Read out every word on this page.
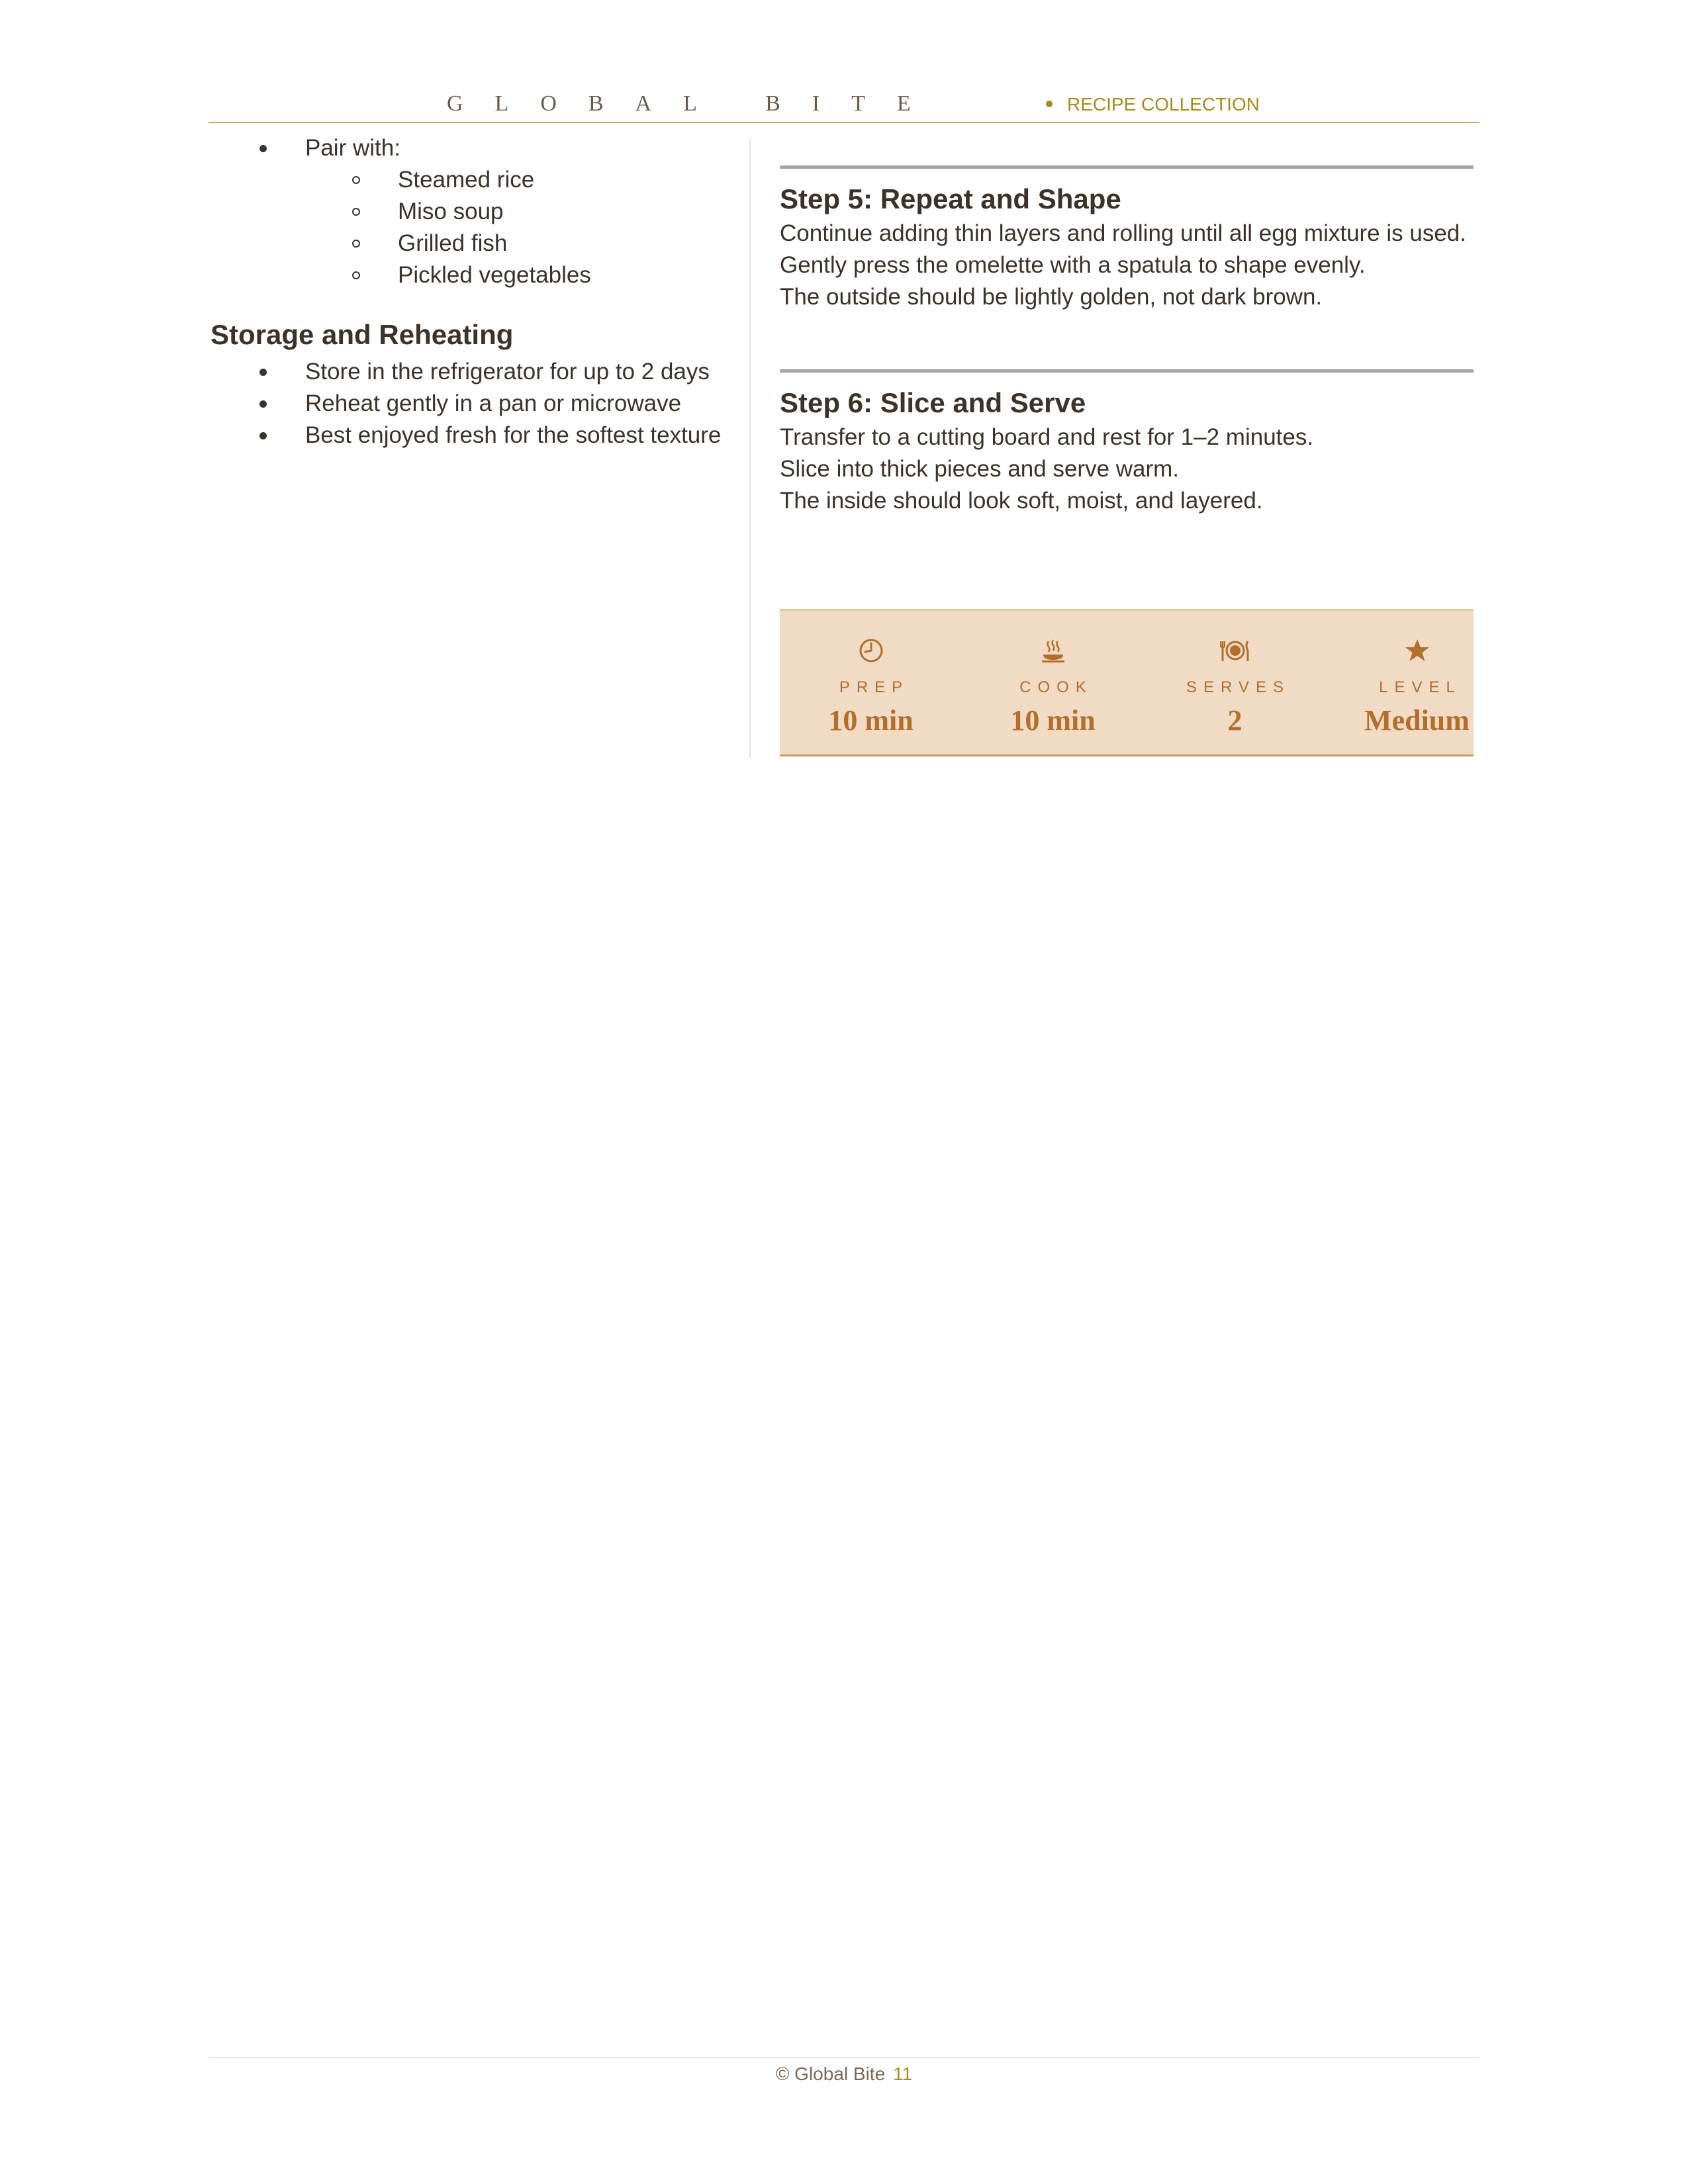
GLOBAL BITE	RECIPE COLLECTION
Pair with:
Steamed rice
Miso soup
Grilled fish
Pickled vegetables
Storage and Reheating
Store in the refrigerator for up to 2 days
Reheat gently in a pan or microwave
Best enjoyed fresh for the softest texture
Step 5: Repeat and Shape
Continue adding thin layers and rolling until all egg mixture is used.
Gently press the omelette with a spatula to shape evenly.
The outside should be lightly golden, not dark brown.
Step 6: Slice and Serve
Transfer to a cutting board and rest for 1–2 minutes.
Slice into thick pieces and serve warm.
The inside should look soft, moist, and layered.
PREP
10 min
COOK
10 min
SERVES
2
LEVEL
Medium
© Global Bite 11
